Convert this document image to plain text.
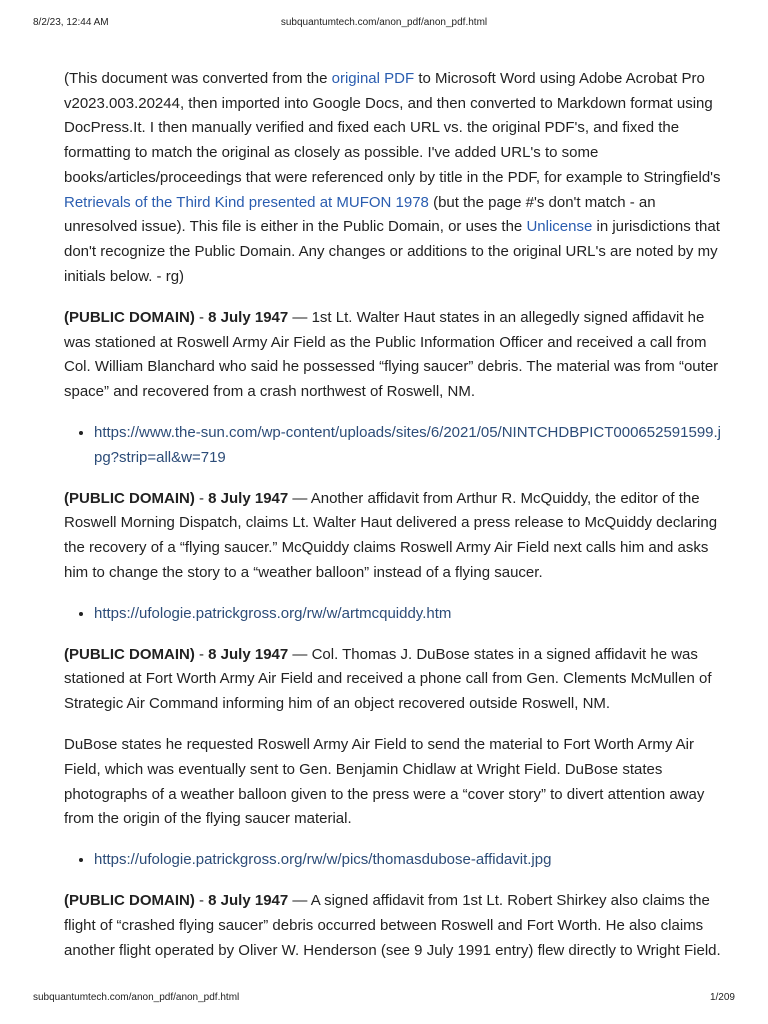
8/2/23, 12:44 AM	subquantumtech.com/anon_pdf/anon_pdf.html

(This document was converted from the original PDF to Microsoft Word using Adobe Acrobat Pro v2023.003.20244, then imported into Google Docs, and then converted to Markdown format using DocPress.It. I then manually verified and fixed each URL vs. the original PDF's, and fixed the formatting to match the original as closely as possible. I've added URL's to some books/articles/proceedings that were referenced only by title in the PDF, for example to Stringfield's Retrievals of the Third Kind presented at MUFON 1978 (but the page #'s don't match - an unresolved issue). This file is either in the Public Domain, or uses the Unlicense in jurisdictions that don't recognize the Public Domain. Any changes or additions to the original URL's are noted by my initials below. - rg)

(PUBLIC DOMAIN) - 8 July 1947 — 1st Lt. Walter Haut states in an allegedly signed affidavit he was stationed at Roswell Army Air Field as the Public Information Officer and received a call from Col. William Blanchard who said he possessed “flying saucer” debris. The material was from “outer space” and recovered from a crash northwest of Roswell, NM.

• https://www.the-sun.com/wp-content/uploads/sites/6/2021/05/NINTCHDBPICT000652591599.jpg?strip=all&w=719

(PUBLIC DOMAIN) - 8 July 1947 — Another affidavit from Arthur R. McQuiddy, the editor of the Roswell Morning Dispatch, claims Lt. Walter Haut delivered a press release to McQuiddy declaring the recovery of a “flying saucer.” McQuiddy claims Roswell Army Air Field next calls him and asks him to change the story to a “weather balloon” instead of a flying saucer.

• https://ufologie.patrickgross.org/rw/w/artmcquiddy.htm

(PUBLIC DOMAIN) - 8 July 1947 — Col. Thomas J. DuBose states in a signed affidavit he was stationed at Fort Worth Army Air Field and received a phone call from Gen. Clements McMullen of Strategic Air Command informing him of an object recovered outside Roswell, NM.

DuBose states he requested Roswell Army Air Field to send the material to Fort Worth Army Air Field, which was eventually sent to Gen. Benjamin Chidlaw at Wright Field. DuBose states photographs of a weather balloon given to the press were a “cover story” to divert attention away from the origin of the flying saucer material.

• https://ufologie.patrickgross.org/rw/w/pics/thomasdubose-affidavit.jpg

(PUBLIC DOMAIN) - 8 July 1947 — A signed affidavit from 1st Lt. Robert Shirkey also claims the flight of “crashed flying saucer” debris occurred between Roswell and Fort Worth. He also claims another flight operated by Oliver W. Henderson (see 9 July 1991 entry) flew directly to Wright Field.

subquantumtech.com/anon_pdf/anon_pdf.html	1/209
